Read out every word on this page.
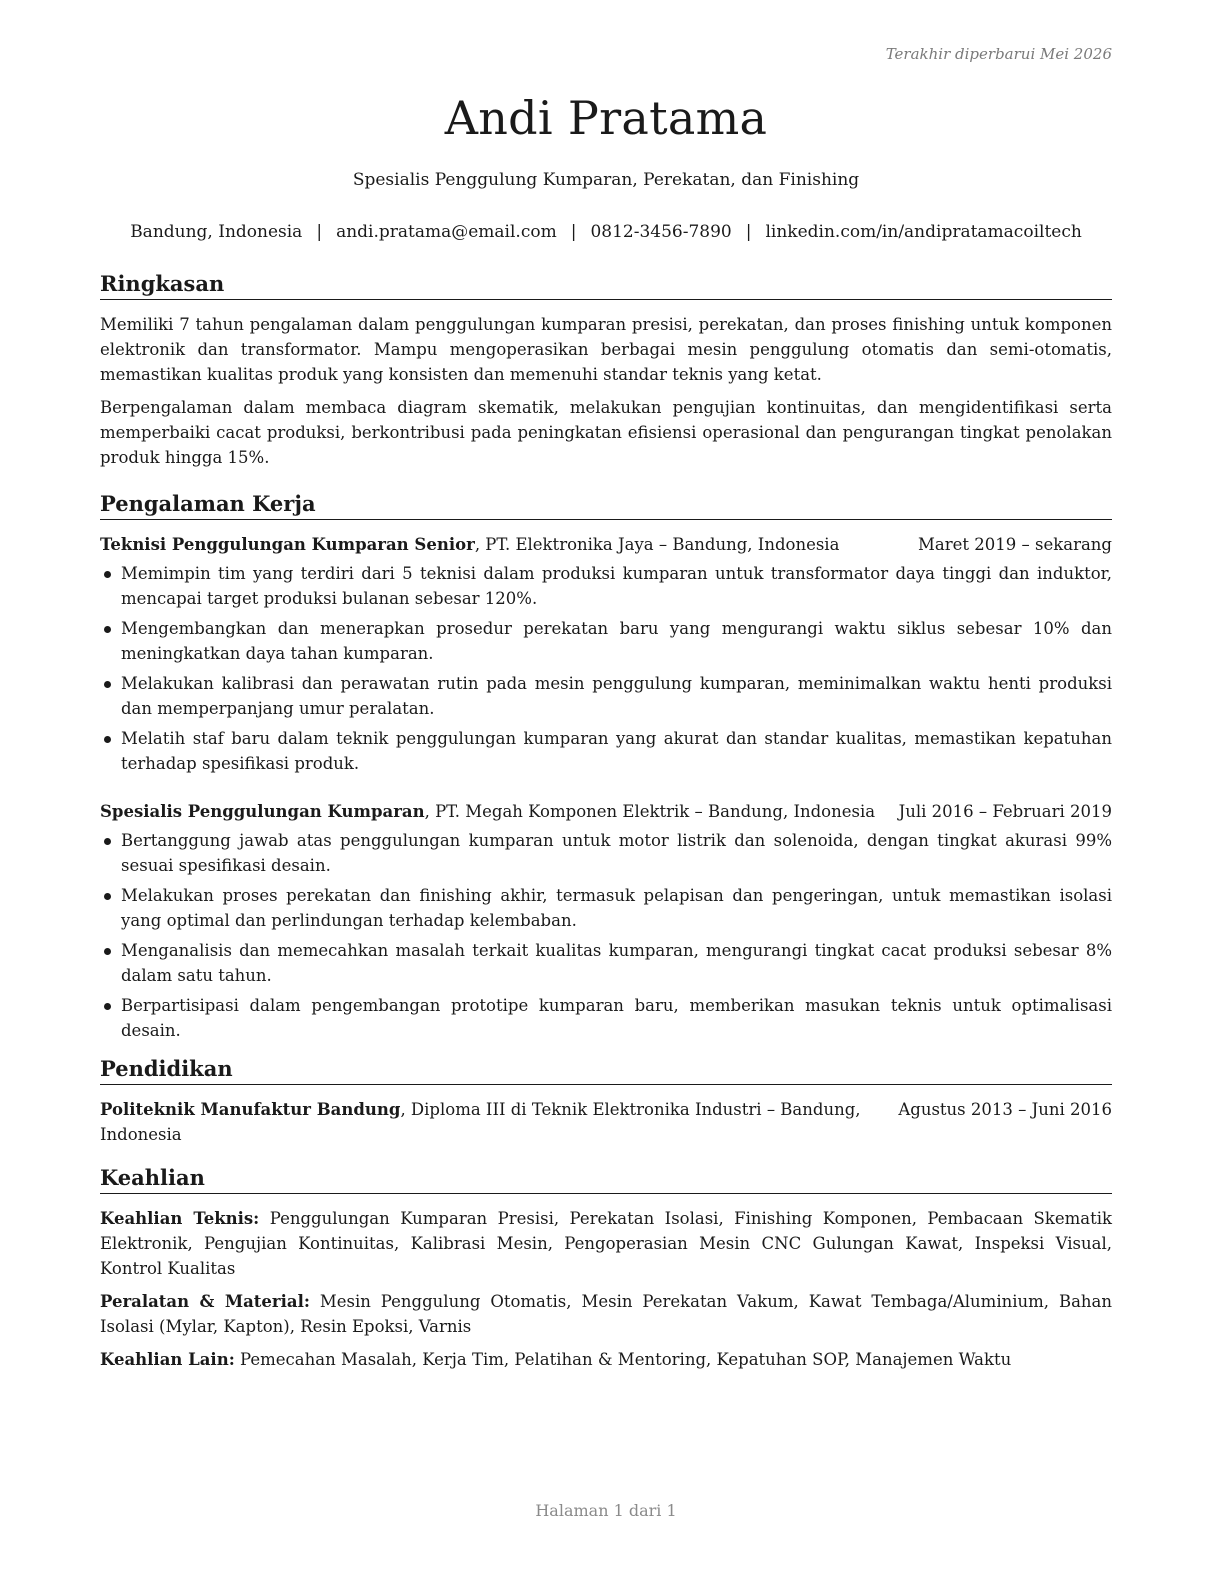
Terakhir diperbarui Mei 2026
Andi Pratama
Spesialis Penggulung Kumparan, Perekatan, dan Finishing
Bandung, Indonesia | andi.pratama@email.com | 0812-3456-7890 | linkedin.com/in/andipratamacoiltech
Ringkasan

Memiliki 7 tahun pengalaman dalam penggulungan kumparan presisi, perekatan, dan proses finishing untuk komponen elektronik dan transformator. Mampu mengoperasikan berbagai mesin penggulung otomatis dan semi-otomatis, memastikan kualitas produk yang konsisten dan memenuhi standar teknis yang ketat.

Berpengalaman dalam membaca diagram skematik, melakukan pengujian kontinuitas, dan mengidentifikasi serta memperbaiki cacat produksi, berkontribusi pada peningkatan efisiensi operasional dan pengurangan tingkat penolakan produk hingga 15%.

Pengalaman Kerja
Teknisi Penggulungan Kumparan Senior, PT. Elektronika Jaya – Bandung, Indonesia	Maret 2019 – sekarang
Memimpin tim yang terdiri dari 5 teknisi dalam produksi kumparan untuk transformator daya tinggi dan induktor, mencapai target produksi bulanan sebesar 120%.
Mengembangkan dan menerapkan prosedur perekatan baru yang mengurangi waktu siklus sebesar 10% dan meningkatkan daya tahan kumparan.
Melakukan kalibrasi dan perawatan rutin pada mesin penggulung kumparan, meminimalkan waktu henti produksi dan memperpanjang umur peralatan.
Melatih staf baru dalam teknik penggulungan kumparan yang akurat dan standar kualitas, memastikan kepatuhan terhadap spesifikasi produk.
Spesialis Penggulungan Kumparan, PT. Megah Komponen Elektrik – Bandung, Indonesia Juli 2016 – Februari 2019
Bertanggung jawab atas penggulungan kumparan untuk motor listrik dan solenoida, dengan tingkat akurasi 99% sesuai spesifikasi desain.
Melakukan proses perekatan dan finishing akhir, termasuk pelapisan dan pengeringan, untuk memastikan isolasi yang optimal dan perlindungan terhadap kelembaban.
Menganalisis dan memecahkan masalah terkait kualitas kumparan, mengurangi tingkat cacat produksi sebesar 8% dalam satu tahun.
Berpartisipasi dalam pengembangan prototipe kumparan baru, memberikan masukan teknis untuk optimalisasi desain.
Pendidikan
Politeknik Manufaktur Bandung, Diploma III di Teknik Elektronika Industri – Bandung, Indonesia
Agustus 2013 – Juni 2016
Keahlian

Keahlian Teknis: Penggulungan Kumparan Presisi, Perekatan Isolasi, Finishing Komponen, Pembacaan Skematik Elektronik, Pengujian Kontinuitas, Kalibrasi Mesin, Pengoperasian Mesin CNC Gulungan Kawat, Inspeksi Visual, Kontrol Kualitas

Peralatan & Material: Mesin Penggulung Otomatis, Mesin Perekatan Vakum, Kawat Tembaga/Aluminium, Bahan Isolasi (Mylar, Kapton), Resin Epoksi, Varnis

Keahlian Lain: Pemecahan Masalah, Kerja Tim, Pelatihan & Mentoring, Kepatuhan SOP, Manajemen Waktu

Halaman 1 dari 1
